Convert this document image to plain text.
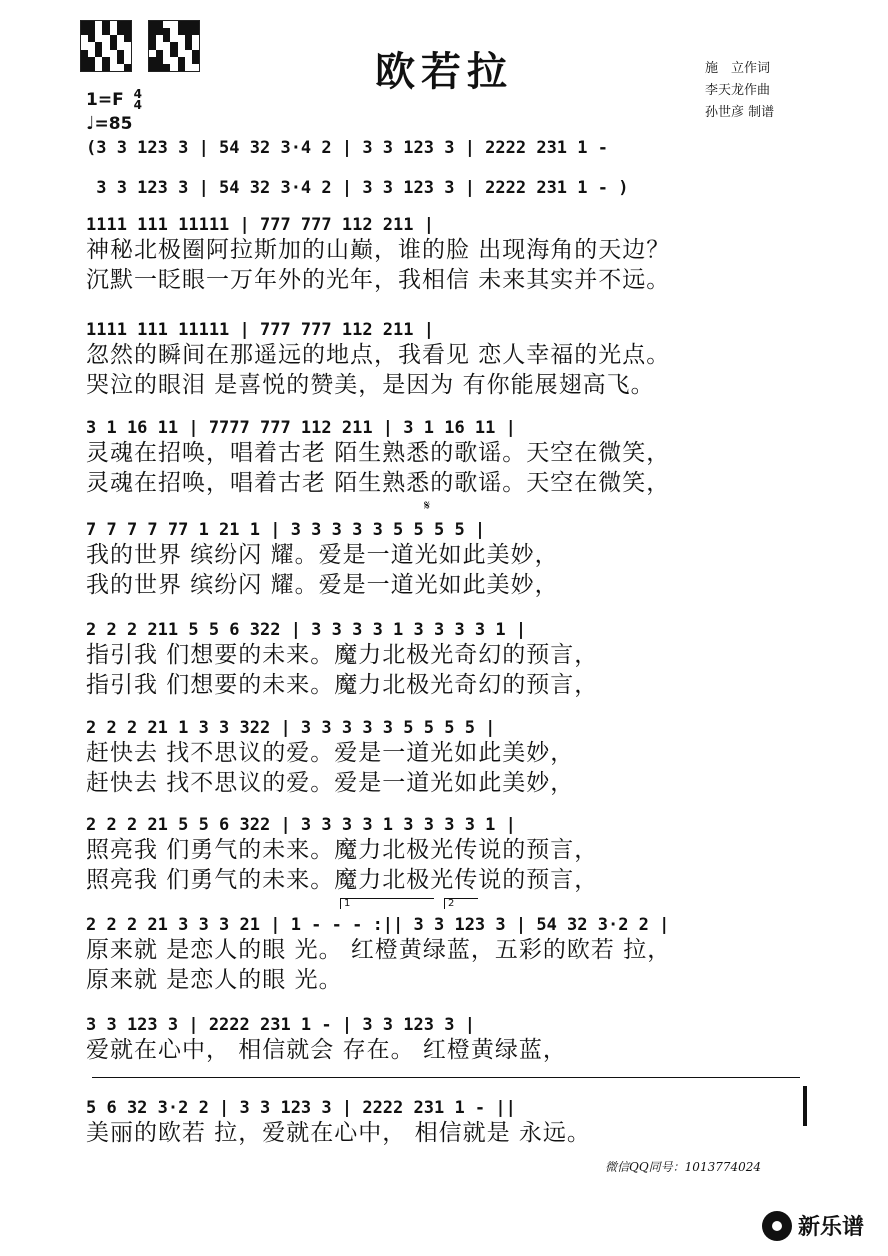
欧若拉	施　立作词
李天龙作曲
孙世彦 制谱
1=F 4
4
♩=85
(3 3 123 3 | 54 32 3·4 2 | 3 3 123 3 | 2222 231 1 -
3 3 123 3 | 54 32 3·4 2 | 3 3 123 3 | 2222 231 1 - )
1111 111 11111 | 777 777 112 211 |
神秘北极圈阿拉斯加的山巅，谁的脸 出现海角的天边？
沉默一眨眼一万年外的光年，我相信 未来其实并不远。
1111 111 11111 | 777 777 112 211 |
忽然的瞬间在那遥远的地点，我看见 恋人幸福的光点。
哭泣的眼泪 是喜悦的赞美，是因为 有你能展翅高飞。
3 1 16 11 | 7777 777 112 211 | 3 1 16 11 |
灵魂在招唤，唱着古老 陌生熟悉的歌谣。天空在微笑，
灵魂在招唤，唱着古老 陌生熟悉的歌谣。天空在微笑，
𝄋
7 7 7 7 77 1 21 1 | 3 3 3 3 3 5 5 5 5 |
我的世界 缤纷闪 耀。爱是一道光如此美妙，
我的世界 缤纷闪 耀。爱是一道光如此美妙，
2 2 2 211 5 5 6 322 | 3 3 3 3 1 3 3 3 3 1 |
指引我 们想要的未来。魔力北极光奇幻的预言，
指引我 们想要的未来。魔力北极光奇幻的预言，
2 2 2 21 1 3 3 322 | 3 3 3 3 3 5 5 5 5 |
赶快去 找不思议的爱。爱是一道光如此美妙，
赶快去 找不思议的爱。爱是一道光如此美妙，
2 2 2 21 5 5 6 322 | 3 3 3 3 1 3 3 3 3 1 |
照亮我 们勇气的未来。魔力北极光传说的预言，
照亮我 们勇气的未来。魔力北极光传说的预言，
1	2
2 2 2 21 3 3 3 21 | 1 - - - :|| 3 3 123 3 | 54 32 3·2 2 |
原来就 是恋人的眼 光。 红橙黄绿蓝，五彩的欧若 拉，
原来就 是恋人的眼 光。
3 3 123 3 | 2222 231 1 - | 3 3 123 3 |
爱就在心中， 相信就会 存在。 红橙黄绿蓝，
5 6 32 3·2 2 | 3 3 123 3 | 2222 231 1 - ||
美丽的欧若 拉，爱就在心中， 相信就是 永远。
微信QQ同号：1013774024
新乐谱
